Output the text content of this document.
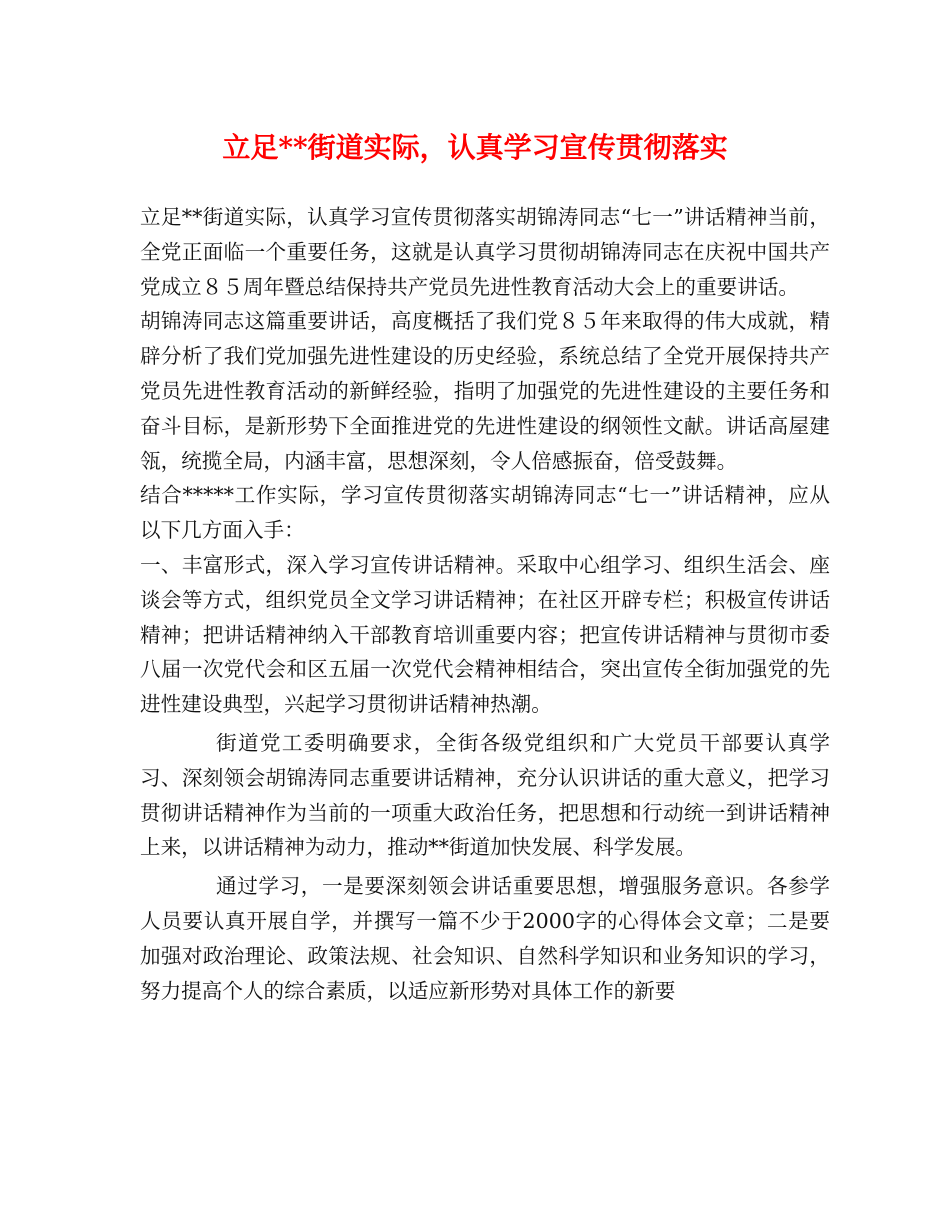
立足**街道实际，认真学习宣传贯彻落实

立足**街道实际，认真学习宣传贯彻落实胡锦涛同志“七一”讲话精神当前，全党正面临一个重要任务，这就是认真学习贯彻胡锦涛同志在庆祝中国共产党成立８５周年暨总结保持共产党员先进性教育活动大会上的重要讲话。

胡锦涛同志这篇重要讲话，高度概括了我们党８５年来取得的伟大成就，精辟分析了我们党加强先进性建设的历史经验，系统总结了全党开展保持共产党员先进性教育活动的新鲜经验，指明了加强党的先进性建设的主要任务和奋斗目标，是新形势下全面推进党的先进性建设的纲领性文献。讲话高屋建瓴，统揽全局，内涵丰富，思想深刻，令人倍感振奋，倍受鼓舞。

结合*****工作实际，学习宣传贯彻落实胡锦涛同志“七一”讲话精神，应从以下几方面入手：

一、丰富形式，深入学习宣传讲话精神。采取中心组学习、组织生活会、座谈会等方式，组织党员全文学习讲话精神；在社区开辟专栏；积极宣传讲话精神；把讲话精神纳入干部教育培训重要内容；把宣传讲话精神与贯彻市委八届一次党代会和区五届一次党代会精神相结合，突出宣传全街加强党的先进性建设典型，兴起学习贯彻讲话精神热潮。

街道党工委明确要求，全街各级党组织和广大党员干部要认真学习、深刻领会胡锦涛同志重要讲话精神，充分认识讲话的重大意义，把学习贯彻讲话精神作为当前的一项重大政治任务，把思想和行动统一到讲话精神上来，以讲话精神为动力，推动**街道加快发展、科学发展。

通过学习，一是要深刻领会讲话重要思想，增强服务意识。各参学人员要认真开展自学，并撰写一篇不少于2000字的心得体会文章；二是要加强对政治理论、政策法规、社会知识、自然科学知识和业务知识的学习，努力提高个人的综合素质，以适应新形势对具体工作的新要
